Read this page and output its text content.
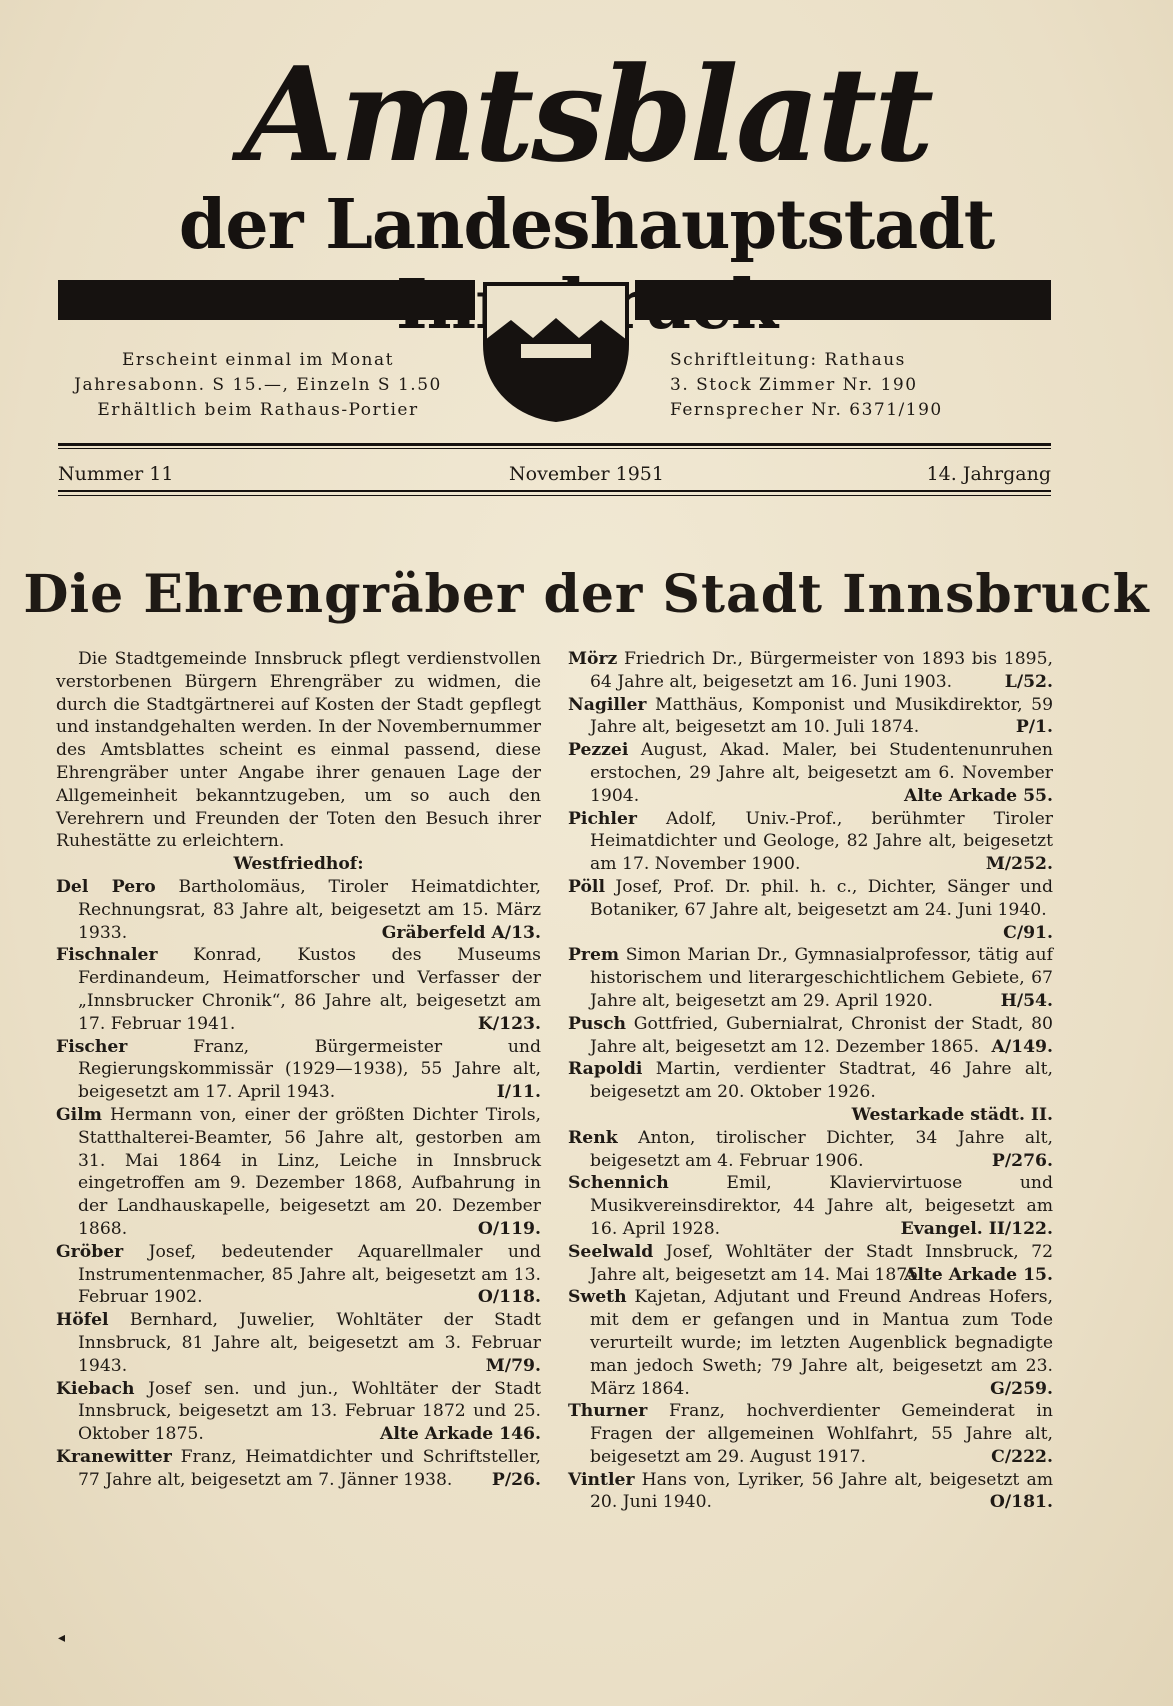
Amtsblatt
der Landeshauptstadt
Erscheint einmal im Monat
Jahresabonn. S 15.—, Einzeln S 1.50
Erhältlich beim Rathaus-Portier
Schriftleitung: Rathaus
3. Stock Zimmer Nr. 190
Fernsprecher Nr. 6371/190
Nummer 11	November 1951	14. Jahrgang
Die Ehrengräber der Stadt Innsbruck

Die Stadtgemeinde Innsbruck pflegt verdienstvollen verstorbenen Bürgern Ehrengräber zu widmen, die durch die Stadtgärtnerei auf Kosten der Stadt gepflegt und instandgehalten werden. In der Novembernummer des Amtsblattes scheint es einmal passend, diese Ehrengräber unter Angabe ihrer genauen Lage der Allgemeinheit bekanntzugeben, um so auch den Verehrern und Freunden der Toten den Besuch ihrer Ruhestätte zu erleichtern.

Westfriedhof:

Del Pero Bartholomäus, Tiroler Heimatdichter, Rechnungsrat, 83 Jahre alt, beigesetzt am 15. März 1933.	Gräberfeld A/13.

Fischnaler Konrad, Kustos des Museums Ferdinandeum, Heimatforscher und Verfasser der „Innsbrucker Chronik“, 86 Jahre alt, beigesetzt am 17. Februar 1941.	K/123.

Fischer	Franz, Bürgermeister und Regierungskommissär (1929—1938), 55 Jahre alt, beigesetzt am 17. April 1943.	I/11.

Gilm Hermann von, einer der größten Dichter Tirols, Statthalterei-Beamter, 56 Jahre alt, gestorben am 31. Mai 1864 in Linz, Leiche in Innsbruck eingetroffen am 9. Dezember 1868, Aufbahrung in der Landhauskapelle, beigesetzt am 20. Dezember 1868.	O/119.

Gröber Josef, bedeutender Aquarellmaler und Instrumentenmacher, 85 Jahre alt, beigesetzt am 13. Februar 1902.	O/118.

Höfel Bernhard, Juwelier, Wohltäter der Stadt Innsbruck, 81 Jahre alt, beigesetzt am 3. Februar 1943.	M/79.

Kiebach Josef sen. und jun., Wohltäter der Stadt Innsbruck, beigesetzt am 13. Februar 1872 und 25. Oktober 1875.	Alte Arkade 146.

Kranewitter Franz, Heimatdichter und Schriftsteller, 77 Jahre alt, beigesetzt am 7. Jänner 1938. P/26.

Mörz Friedrich Dr., Bürgermeister von 1893 bis 1895, 64 Jahre alt, beigesetzt am 16. Juni 1903.	L/52.

Nagiller Matthäus, Komponist und Musikdirektor, 59 Jahre alt, beigesetzt am 10. Juli 1874.	P/1.

Pezzei August, Akad. Maler, bei Studentenunruhen erstochen, 29 Jahre alt, beigesetzt am 6. November 1904.	Alte Arkade 55.

Pichler Adolf, Univ.-Prof., berühmter Tiroler Heimatdichter und Geologe, 82 Jahre alt, beigesetzt am 17. November 1900.	M/252.

Pöll Josef, Prof. Dr. phil. h. c., Dichter, Sänger und Botaniker, 67 Jahre alt, beigesetzt am 24. Juni 1940.
C/91.

Prem Simon Marian Dr., Gymnasialprofessor, tätig auf historischem und literargeschichtlichem Gebiete, 67 Jahre alt, beigesetzt am 29. April 1920.	H/54.

Pusch Gottfried, Gubernialrat, Chronist der Stadt, 80 Jahre alt, beigesetzt am 12. Dezember 1865. A/149.

Rapoldi Martin, verdienter Stadtrat, 46 Jahre alt, beigesetzt am 20. Oktober 1926.
Westarkade städt. II.

Renk Anton, tirolischer Dichter, 34 Jahre alt, beigesetzt am 4. Februar 1906.	P/276.

Schennich	Emil, Klaviervirtuose und Musikvereinsdirektor, 44 Jahre alt, beigesetzt am 16. April 1928.	Evangel. II/122.

Seelwald Josef, Wohltäter der Stadt Innsbruck, 72 Jahre alt, beigesetzt am 14. Mai 1875.
Alte Arkade 15.

Sweth Kajetan, Adjutant und Freund Andreas Hofers, mit dem er gefangen und in Mantua zum Tode verurteilt wurde; im letzten Augenblick begnadigte man jedoch Sweth; 79 Jahre alt, beigesetzt am 23. März 1864.	G/259.

Thurner Franz, hochverdienter Gemeinderat in Fragen der allgemeinen Wohlfahrt, 55 Jahre alt, beigesetzt am 29. August 1917.	C/222.

Vintler Hans von, Lyriker, 56 Jahre alt, beigesetzt am 20. Juni 1940.	O/181.

◂
